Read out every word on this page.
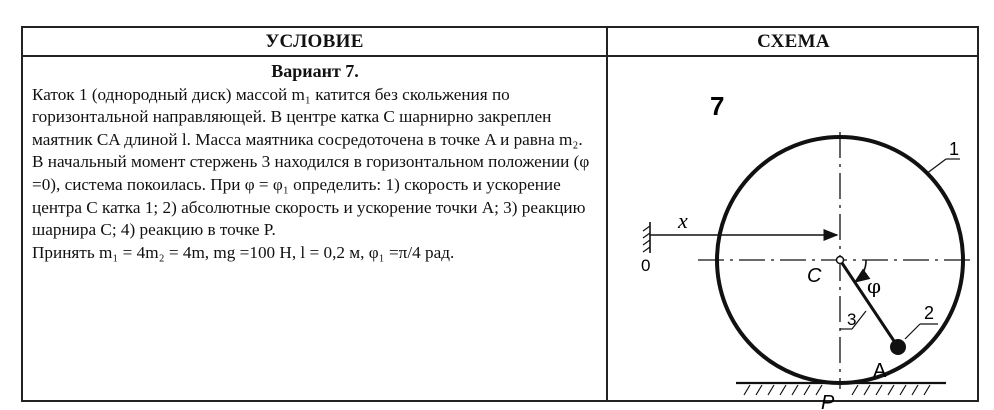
УСЛОВИЕ	СХЕМА
Вариант 7.

Каток 1 (однородный диск) массой m₁ катится без скольжения по горизонтальной направляющей. В центре катка C шарнирно закреплен маятник CA длиной l. Масса маятника сосредоточена в точке A и равна m₂. В начальный момент стержень 3 находился в горизонтальном положении (φ =0), система покоилась. При φ = φ₁ определить: 1) скорость и ускорение центра C катка 1; 2) абсолютные скорость и ускорение точки A; 3) реакцию шарнира C; 4) реакцию в точке P.

Принять m₁ = 4m₂ = 4m, mg =100 H, l = 0,2 м, φ₁ =π/4 рад.

7
0
x
P
C
A
φ
1
2
3
